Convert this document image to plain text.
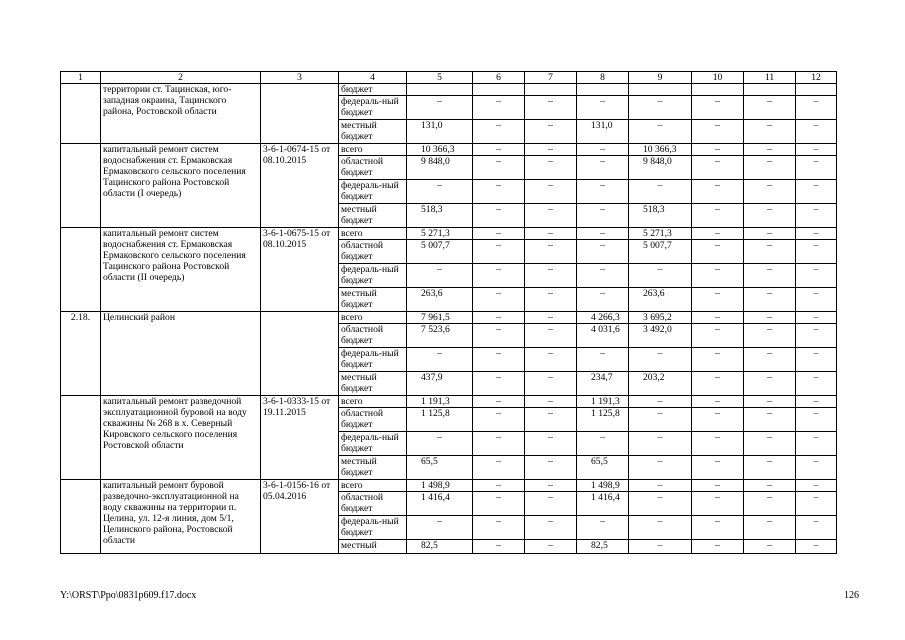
1	2	3	4	5	6	7	8	9	10	11	12
	территории ст. Тацинская, юго-западная окраина, Тацинского района, Ростовской области		бюджет								
			федераль-ный бюджет	–	–	–	–	–	–	–	–
			местный бюджет	131,0	–	–	131,0	–	–	–	–
	капитальный ремонт систем водоснабжения ст. Ермаковская Ермаковского сельского поселения Тацинского района Ростовской области (I очередь)	3-6-1-0674-15 от 08.10.2015	всего	10 366,3	–	–	–	10 366,3	–	–	–
			областной бюджет	9 848,0	–	–	–	9 848,0	–	–	–
			федераль-ный бюджет	–	–	–	–	–	–	–	–
			местный бюджет	518,3	–	–	–	518,3	–	–	–
	капитальный ремонт систем водоснабжения ст. Ермаковская Ермаковского сельского поселения Тацинского района Ростовской области (II очередь)	3-6-1-0675-15 от 08.10.2015	всего	5 271,3	–	–	–	5 271,3	–	–	–
			областной бюджет	5 007,7	–	–	–	5 007,7	–	–	–
			федераль-ный бюджет	–	–	–	–	–	–	–	–
			местный бюджет	263,6	–	–	–	263,6	–	–	–
2.18.	Целинский район		всего	7 961,5	–	–	4 266,3	3 695,2	–	–	–
			областной бюджет	7 523,6	–	–	4 031,6	3 492,0	–	–	–
			федераль-ный бюджет	–	–	–	–	–	–	–	–
			местный бюджет	437,9	–	–	234,7	203,2	–	–	–
	капитальный ремонт разведочной эксплуатационной буровой на воду скважины № 268 в х. Северный Кировского сельского поселения Ростовской области	3-6-1-0333-15 от 19.11.2015	всего	1 191,3	–	–	1 191,3	–	–	–	–
			областной бюджет	1 125,8	–	–	1 125,8	–	–	–	–
			федераль-ный бюджет	–	–	–	–	–	–	–	–
			местный бюджет	65,5	–	–	65,5	–	–	–	–
	капитальный ремонт буровой разведочно-эксплуатационной на воду скважины на территории п. Целина, ул. 12-я линия, дом 5/1, Целинского района, Ростовской области	3-6-1-0156-16 от 05.04.2016	всего	1 498,9	–	–	1 498,9	–	–	–	–
			областной бюджет	1 416,4	–	–	1 416,4	–	–	–	–
			федераль-ный бюджет	–	–	–	–	–	–	–	–
			местный	82,5	–	–	82,5	–	–	–	–
Y:\ORST\Ppo\0831p609.f17.docx	126
